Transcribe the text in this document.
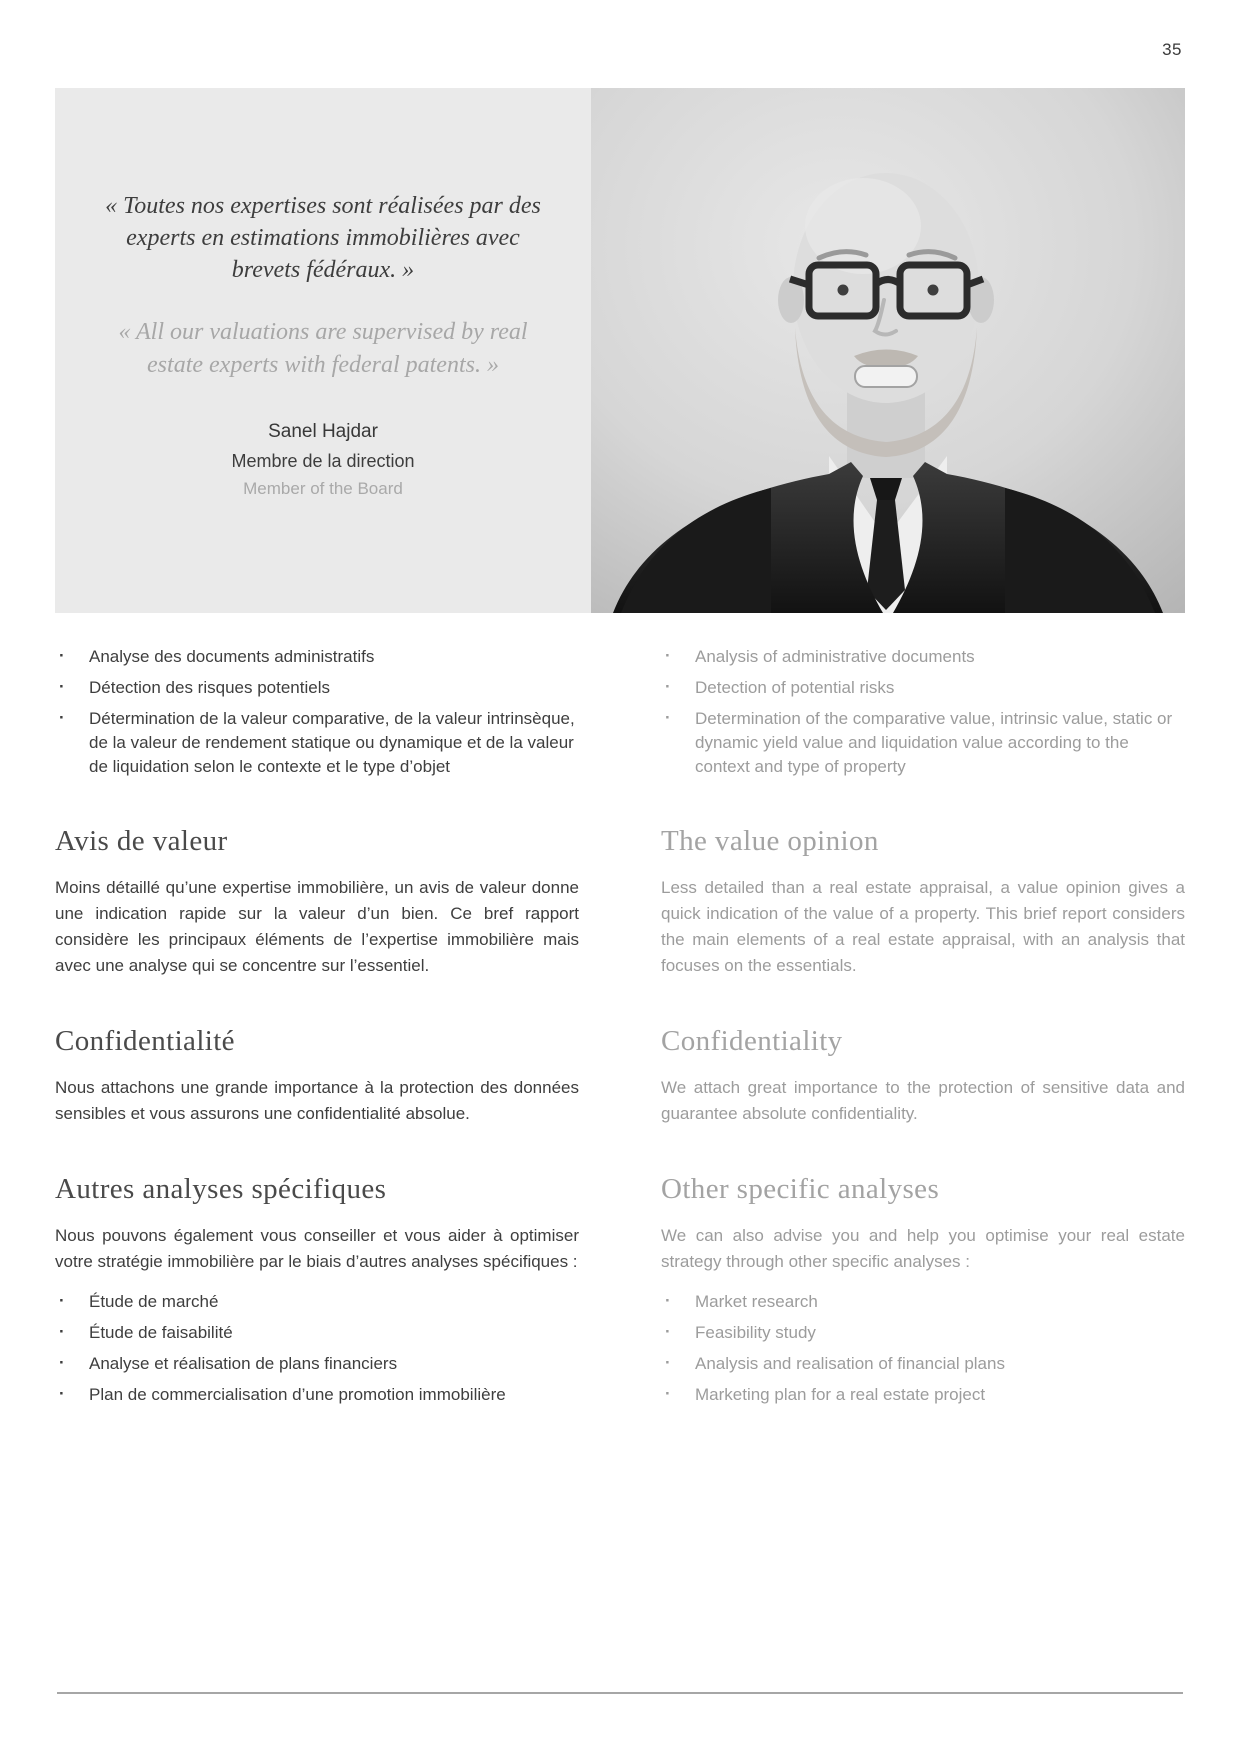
35

« Toutes nos expertises sont réalisées par des experts en estimations immobilières avec brevets fédéraux. »

« All our valuations are supervised by real estate experts with federal patents. »

Sanel Hajdar
Membre de la direction
Member of the Board
· Analyse des documents administratifs
· Détection des risques potentiels
· Détermination de la valeur comparative, de la valeur intrinsèque, de la valeur de rendement statique ou dynamique et de la valeur de liquidation selon le contexte et le type d’objet
Avis de valeur

Moins détaillé qu’une expertise immobilière, un avis de valeur donne une indication rapide sur la valeur d’un bien. Ce bref rapport considère les principaux éléments de l’expertise immobilière mais avec une analyse qui se concentre sur l’essentiel.

Confidentialité

Nous attachons une grande importance à la protection des données sensibles et vous assurons une confidentialité absolue.

Autres analyses spécifiques

Nous pouvons également vous conseiller et vous aider à optimiser votre stratégie immobilière par le biais d’autres analyses spécifiques :

· Étude de marché
· Étude de faisabilité
· Analyse et réalisation de plans financiers
· Plan de commercialisation d’une promotion immobilière
· Analysis of administrative documents
· Detection of potential risks
· Determination of the comparative value, intrinsic value, static or dynamic yield value and liquidation value according to the context and type of property
The value opinion

Less detailed than a real estate appraisal, a value opinion gives a quick indication of the value of a property. This brief report considers the main elements of a real estate appraisal, with an analysis that focuses on the essentials.

Confidentiality

We attach great importance to the protection of sensitive data and guarantee absolute confidentiality.

Other specific analyses

We can also advise you and help you optimise your real estate strategy through other specific analyses :

· Market research
· Feasibility study
· Analysis and realisation of financial plans
· Marketing plan for a real estate project
